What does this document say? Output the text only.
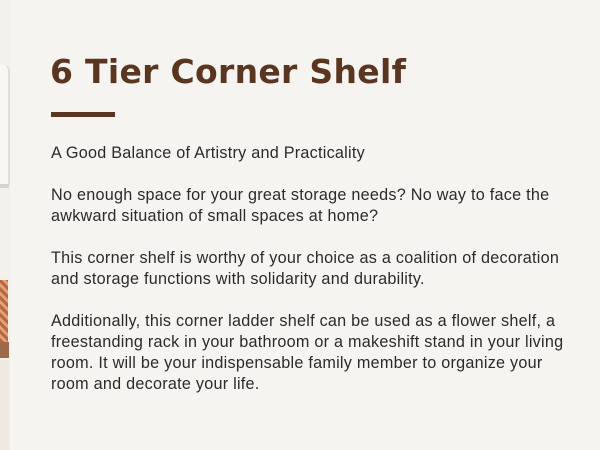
6 Tier Corner Shelf

A Good Balance of Artistry and Practicality

No enough space for your great storage needs? No way to face the awkward situation of small spaces at home?

This corner shelf is worthy of your choice as a coalition of decoration and storage functions with solidarity and durability.

Additionally, this corner ladder shelf can be used as a flower shelf, a freestanding rack in your bathroom or a makeshift stand in your living room. It will be your indispensable family member to organize your room and decorate your life.
